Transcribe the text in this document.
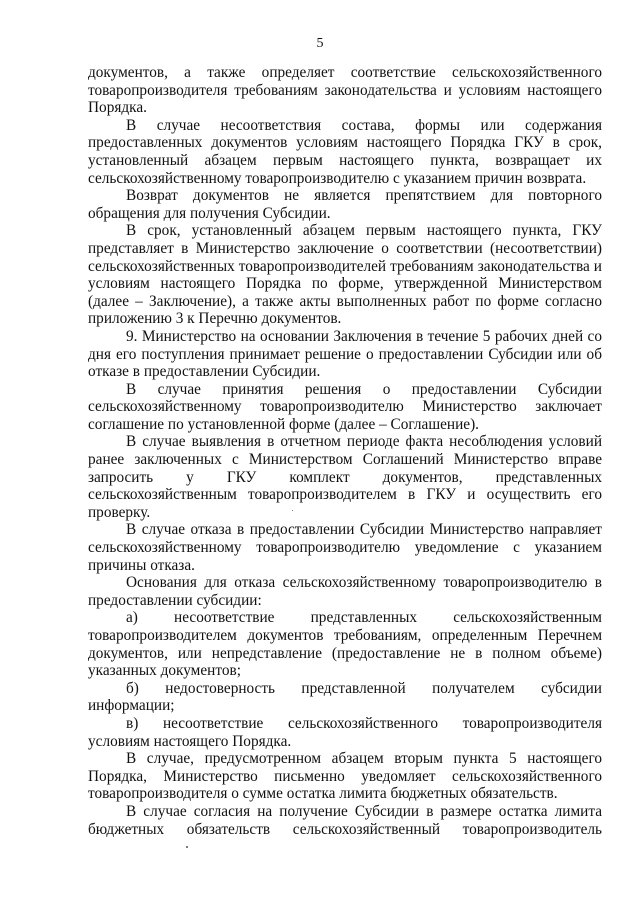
5

документов, а также определяет соответствие сельскохозяйственного товаропроизводителя требованиям законодательства и условиям настоящего Порядка.

В случае несоответствия состава, формы или содержания предоставленных документов условиям настоящего Порядка ГКУ в срок, установленный абзацем первым настоящего пункта, возвращает их сельскохозяйственному товаропроизводителю с указанием причин возврата.

Возврат документов не является препятствием для повторного обращения для получения Субсидии.

В срок, установленный абзацем первым настоящего пункта, ГКУ представляет в Министерство заключение о соответствии (несоответствии) сельскохозяйственных товаропроизводителей требованиям законодательства и условиям настоящего Порядка по форме, утвержденной Министерством (далее – Заключение), а также акты выполненных работ по форме согласно приложению 3 к Перечню документов.

9. Министерство на основании Заключения в течение 5 рабочих дней со дня его поступления принимает решение о предоставлении Субсидии или об отказе в предоставлении Субсидии.

В случае принятия решения о предоставлении Субсидии сельскохозяйственному товаропроизводителю Министерство заключает соглашение по установленной форме (далее – Соглашение).

В случае выявления в отчетном периоде факта несоблюдения условий ранее заключенных с Министерством Соглашений Министерство вправе запросить у ГКУ комплект документов, представленных сельскохозяйственным товаропроизводителем в ГКУ и осуществить его проверку.

В случае отказа в предоставлении Субсидии Министерство направляет сельскохозяйственному товаропроизводителю уведомление с указанием причины отказа.

Основания для отказа сельскохозяйственному товаропроизводителю в предоставлении субсидии:

а) несоответствие представленных сельскохозяйственным товаропроизводителем документов требованиям, определенным Перечнем документов, или непредставление (предоставление не в полном объеме) указанных документов;

б) недостоверность представленной получателем субсидии информации;

в) несоответствие сельскохозяйственного товаропроизводителя условиям настоящего Порядка.

В случае, предусмотренном абзацем вторым пункта 5 настоящего Порядка, Министерство письменно уведомляет сельскохозяйственного товаропроизводителя о сумме остатка лимита бюджетных обязательств.

В случае согласия на получение Субсидии в размере остатка лимита бюджетных обязательств сельскохозяйственный товаропроизводитель
